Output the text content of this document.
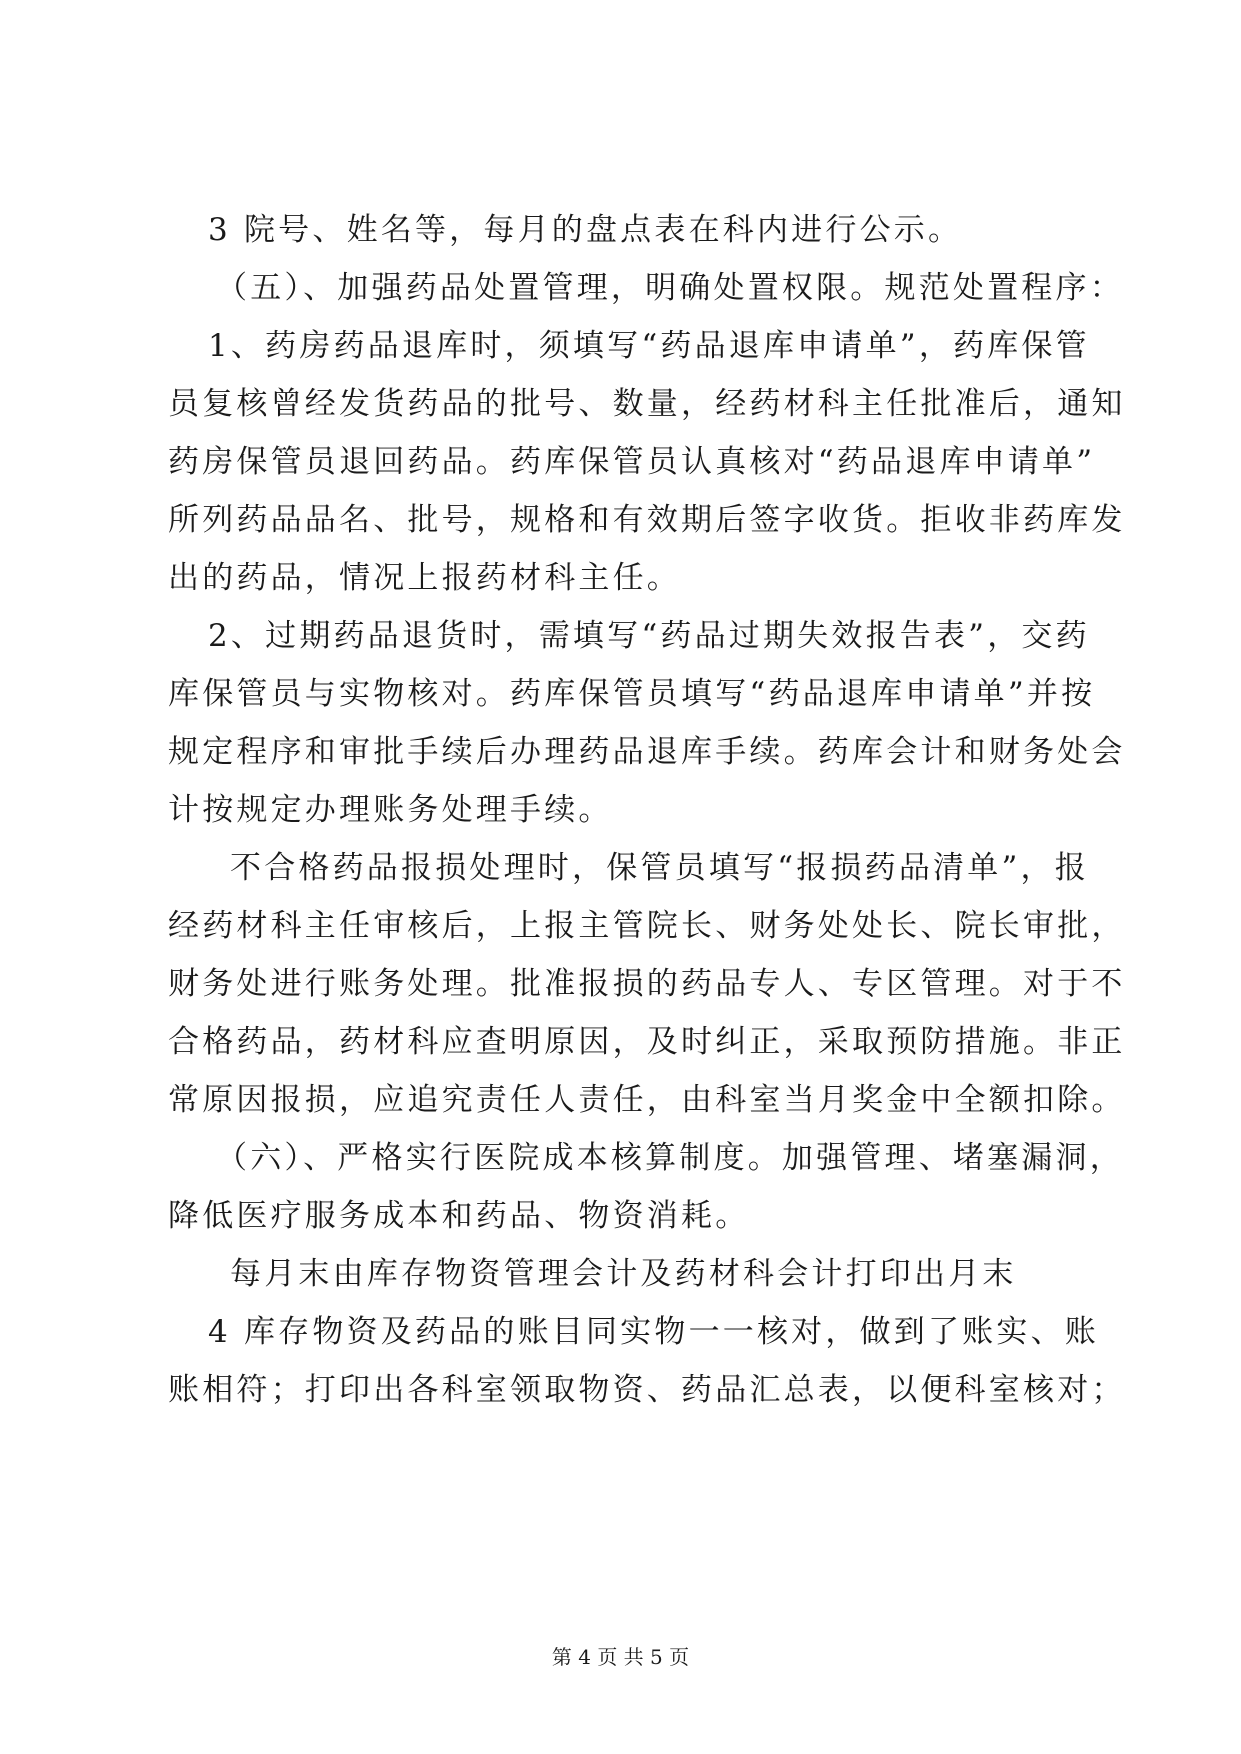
3 院号、姓名等，每月的盘点表在科内进行公示。
（五）、加强药品处置管理，明确处置权限。规范处置程序：
1、药房药品退库时，须填写“药品退库申请单”，药库保管
员复核曾经发货药品的批号、数量，经药材科主任批准后，通知
药房保管员退回药品。药库保管员认真核对“药品退库申请单”
所列药品品名、批号，规格和有效期后签字收货。拒收非药库发
出的药品，情况上报药材科主任。
2、过期药品退货时，需填写“药品过期失效报告表”，交药
库保管员与实物核对。药库保管员填写“药品退库申请单”并按
规定程序和审批手续后办理药品退库手续。药库会计和财务处会
计按规定办理账务处理手续。
不合格药品报损处理时，保管员填写“报损药品清单”，报
经药材科主任审核后，上报主管院长、财务处处长、院长审批，
财务处进行账务处理。批准报损的药品专人、专区管理。对于不
合格药品，药材科应查明原因，及时纠正，采取预防措施。非正
常原因报损，应追究责任人责任，由科室当月奖金中全额扣除。
（六）、严格实行医院成本核算制度。加强管理、堵塞漏洞，
降低医疗服务成本和药品、物资消耗。
每月末由库存物资管理会计及药材科会计打印出月末
4 库存物资及药品的账目同实物一一核对，做到了账实、账
账相符；打印出各科室领取物资、药品汇总表，以便科室核对；
第 4 页 共 5 页
